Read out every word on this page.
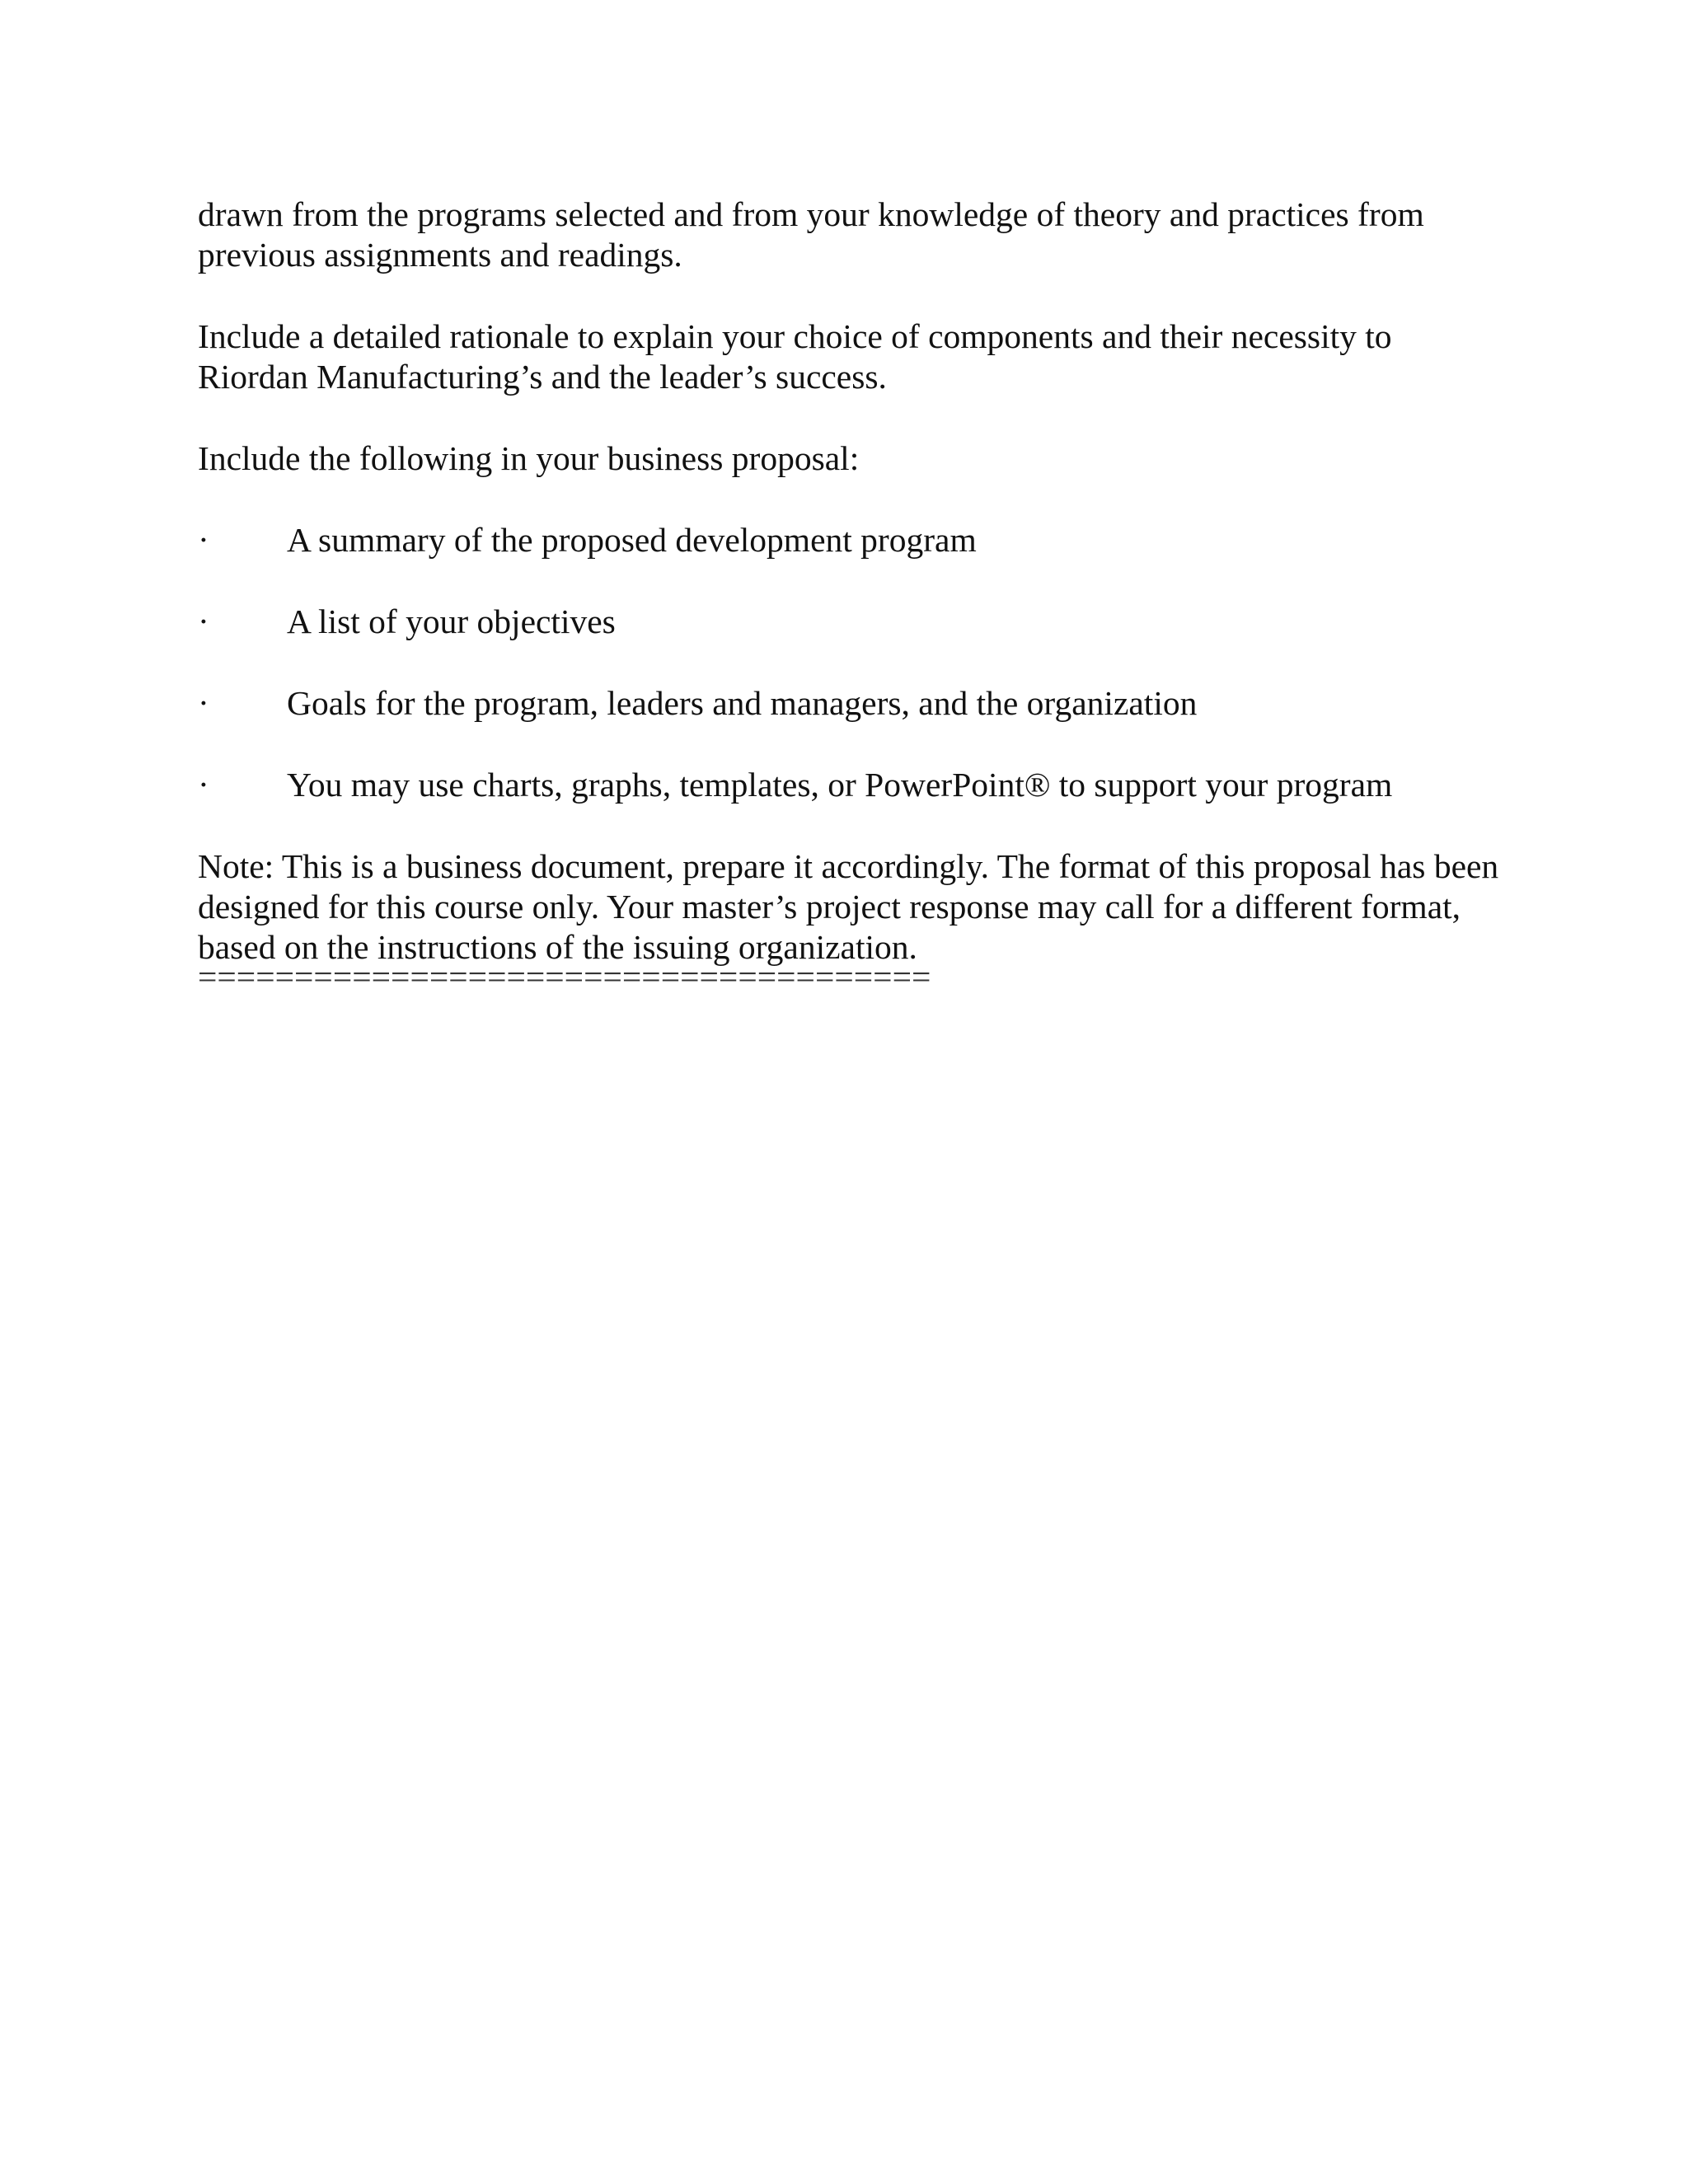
drawn from the programs selected and from your knowledge of theory and practices from previous assignments and readings.

Include a detailed rationale to explain your choice of components and their necessity to Riordan Manufacturing’s and the leader’s success.

Include the following in your business proposal:

·	A summary of the proposed development program
·	A list of your objectives
·	Goals for the program, leaders and managers, and the organization
·	You may use charts, graphs, templates, or PowerPoint® to support your program

Note: This is a business document, prepare it accordingly. The format of this proposal has been designed for this course only. Your master’s project response may call for a different format, based on the instructions of the issuing organization.

======================================
